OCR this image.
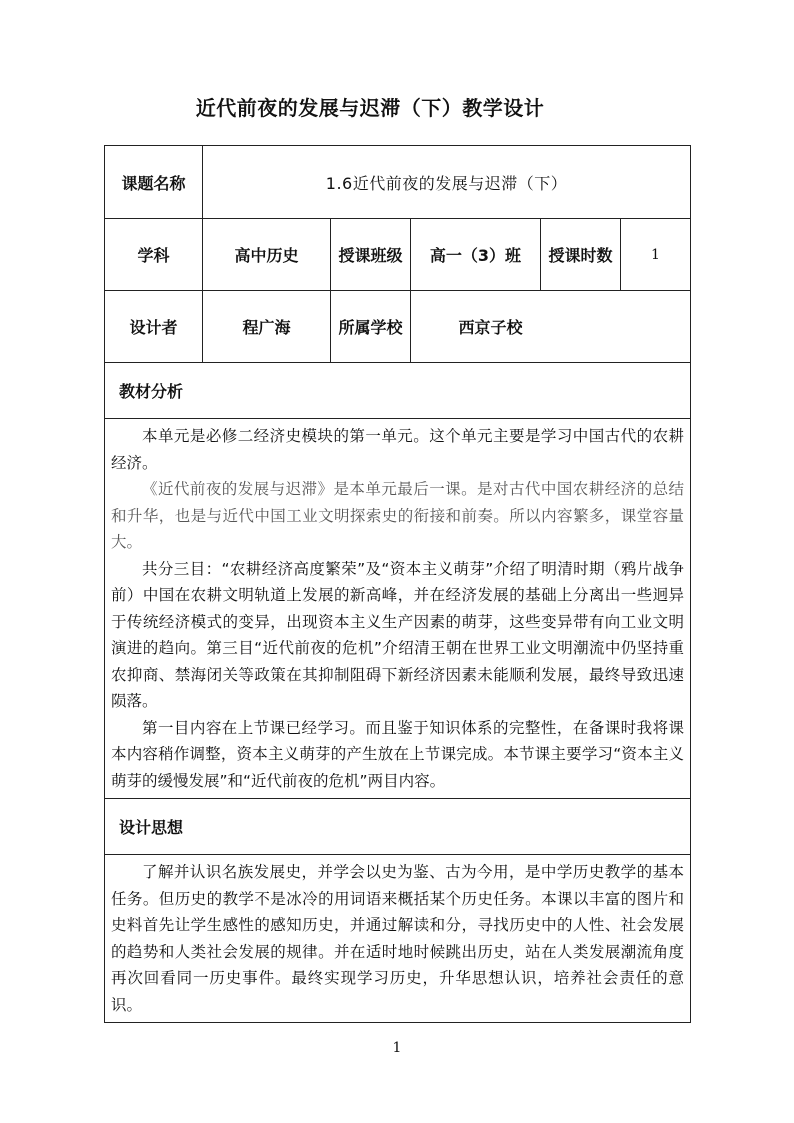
近代前夜的发展与迟滞（下）教学设计
课题名称	1.6近代前夜的发展与迟滞（下）				
学科	高中历史	授课班级	高一（3）班	授课时数	1
设计者	程广海	所属学校	西京子校		
教材分析					

本单元是必修二经济史模块的第一单元。这个单元主要是学习中国古代的农耕经济。

《近代前夜的发展与迟滞》是本单元最后一课。是对古代中国农耕经济的总结和升华，也是与近代中国工业文明探索史的衔接和前奏。所以内容繁多，课堂容量大。

共分三目：“农耕经济高度繁荣”及“资本主义萌芽”介绍了明清时期（鸦片战争前）中国在农耕文明轨道上发展的新高峰，并在经济发展的基础上分离出一些迥异于传统经济模式的变异，出现资本主义生产因素的萌芽，这些变异带有向工业文明演进的趋向。第三目“近代前夜的危机”介绍清王朝在世界工业文明潮流中仍坚持重农抑商、禁海闭关等政策在其抑制阻碍下新经济因素未能顺利发展，最终导致迅速陨落。

第一目内容在上节课已经学习。而且鉴于知识体系的完整性，在备课时我将课本内容稍作调整，资本主义萌芽的产生放在上节课完成。本节课主要学习“资本主义萌芽的缓慢发展”和“近代前夜的危机”两目内容。					

设计思想					

了解并认识名族发展史，并学会以史为鉴、古为今用，是中学历史教学的基本任务。但历史的教学不是冰冷的用词语来概括某个历史任务。本课以丰富的图片和史料首先让学生感性的感知历史，并通过解读和分，寻找历史中的人性、社会发展的趋势和人类社会发展的规律。并在适时地时候跳出历史，站在人类发展潮流角度再次回看同一历史事件。最终实现学习历史，升华思想认识，培养社会责任的意识。					

1
